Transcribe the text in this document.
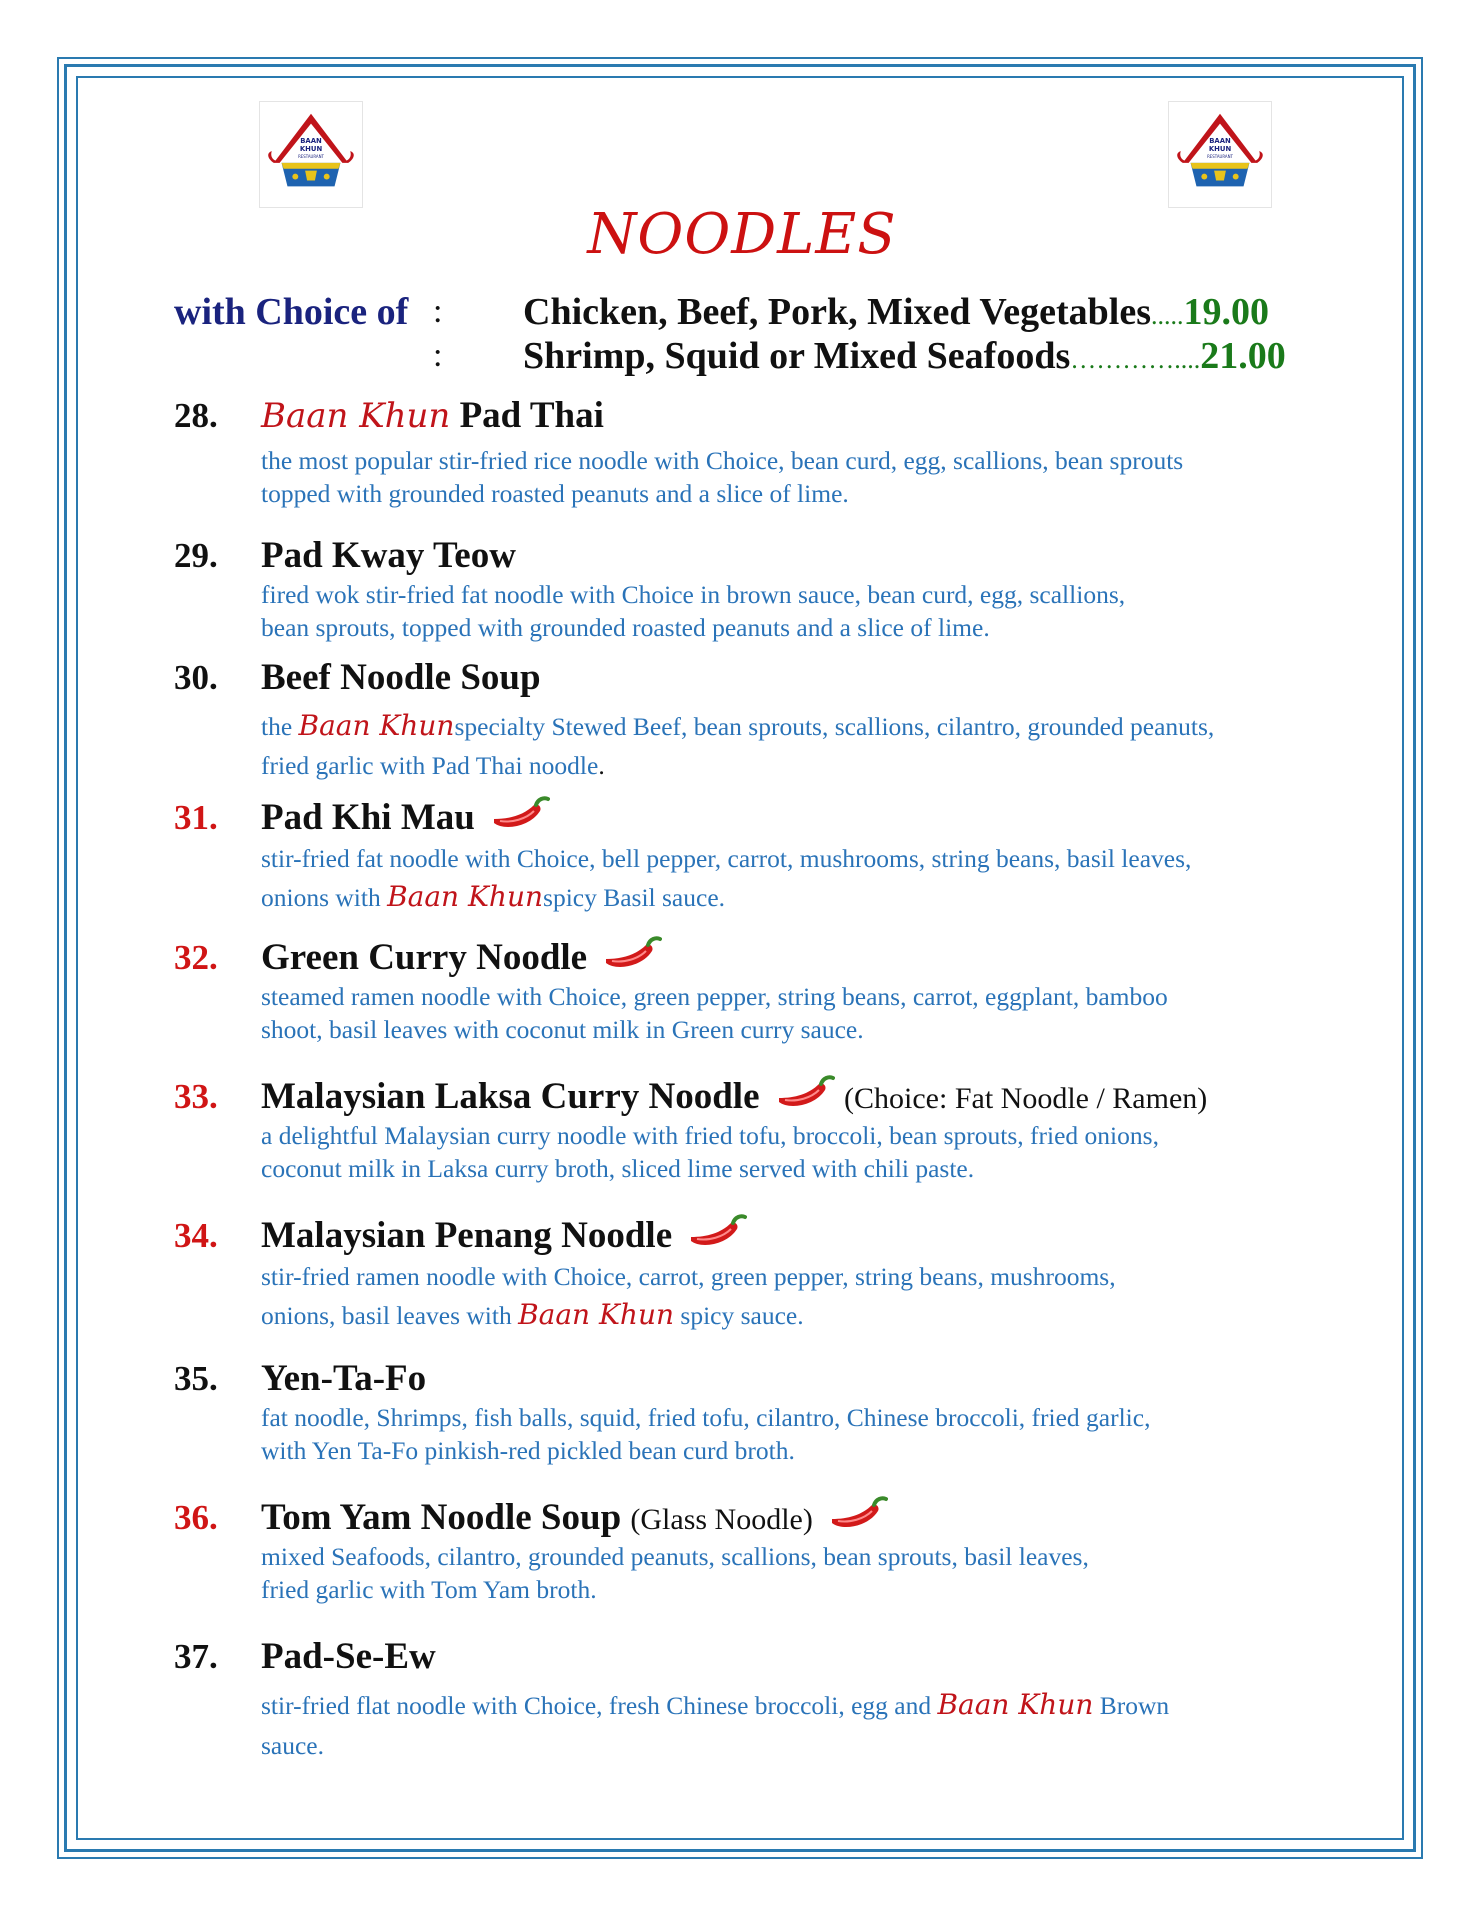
BAAN
KHUN
RESTAURANT
BAAN
KHUN
RESTAURANT
NOODLES
with Choice of :
:
Chicken, Beef, Pork, Mixed Vegetables.....19.00
Shrimp, Squid or Mixed Seafoods…………....21.00
28. Baan Khun Pad Thai
the most popular stir-fried rice noodle with Choice, bean curd, egg, scallions, bean sprouts
topped with grounded roasted peanuts and a slice of lime.
29. Pad Kway Teow
fired wok stir-fried fat noodle with Choice in brown sauce, bean curd, egg, scallions,
bean sprouts, topped with grounded roasted peanuts and a slice of lime.
30. Beef Noodle Soup
the Baan Khunspecialty Stewed Beef, bean sprouts, scallions, cilantro, grounded peanuts,
fried garlic with Pad Thai noodle.
31. Pad Khi Mau
stir-fried fat noodle with Choice, bell pepper, carrot, mushrooms, string beans, basil leaves,
onions with Baan Khunspicy Basil sauce.
32. Green Curry Noodle
steamed ramen noodle with Choice, green pepper, string beans, carrot, eggplant, bamboo
shoot, basil leaves with coconut milk in Green curry sauce.
33. Malaysian Laksa Curry Noodle	(Choice: Fat Noodle / Ramen)
a delightful Malaysian curry noodle with fried tofu, broccoli, bean sprouts, fried onions,
coconut milk in Laksa curry broth, sliced lime served with chili paste.
34. Malaysian Penang Noodle
stir-fried ramen noodle with Choice, carrot, green pepper, string beans, mushrooms,
onions, basil leaves with Baan Khun spicy sauce.
35. Yen-Ta-Fo
fat noodle, Shrimps, fish balls, squid, fried tofu, cilantro, Chinese broccoli, fried garlic,
with Yen Ta-Fo pinkish-red pickled bean curd broth.
36. Tom Yam Noodle Soup (Glass Noodle)
mixed Seafoods, cilantro, grounded peanuts, scallions, bean sprouts, basil leaves,
fried garlic with Tom Yam broth.
37. Pad-Se-Ew
stir-fried flat noodle with Choice, fresh Chinese broccoli, egg and Baan Khun Brown
sauce.
